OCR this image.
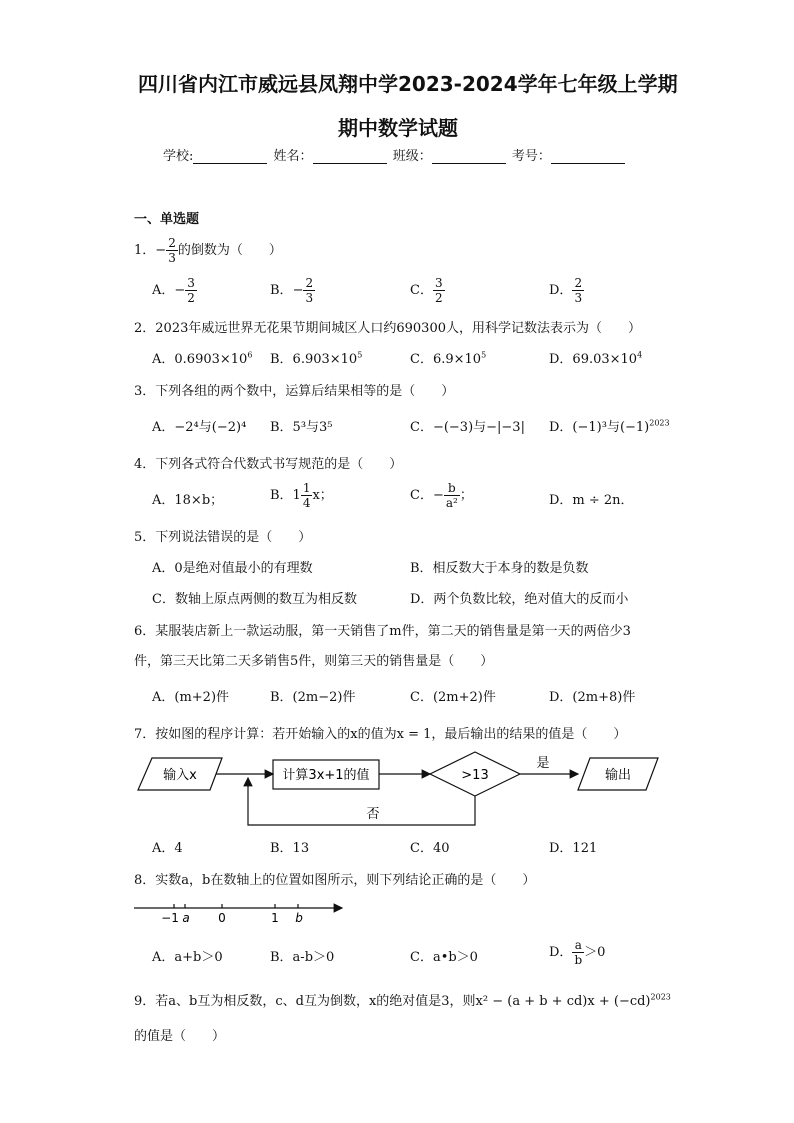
四川省内江市威远县凤翔中学2023-2024学年七年级上学期
期中数学试题
学校:	姓名：	班级：	考号：
一、单选题
1．− $\frac{2}{3}$ 的倒数为（　　）
A．− $\frac{3}{2}$	B．− $\frac{2}{3}$	C． $\frac{3}{2}$	D． $\frac{2}{3}$
2．2023年威远世界无花果节期间城区人口约690300人，用科学记数法表示为（　　）
A．$0.6903\times 10^6$ B．$6.903\times 10^5$	C．$6.9\times 10^5$	D．$69.03\times 10^4$
3．下列各组的两个数中，运算后结果相等的是（　　）
A．−2⁴与(−2)⁴ B．5³与3⁵	C．−(−3)与−|−3| D．(−1)³与$(-1)^{2023}$
4．下列各式符合代数式书写规范的是（　　）
A．18×b；	B．$1 \frac{1}{4}$ x；	C．− $\frac{b}{\text{a²}}$ ；	D．m ÷ 2n．
5．下列说法错误的是（　　）
A．0是绝对值最小的有理数	B．相反数大于本身的数是负数
C．数轴上原点两侧的数互为相反数	D．两个负数比较，绝对值大的反而小
6．某服装店新上一款运动服，第一天销售了m件，第二天的销售量是第一天的两倍少3
件，第三天比第二天多销售5件，则第三天的销售量是（　　）
A．(m+2)件	B．(2m−2)件	C．(2m+2)件	D．(2m+8)件
7．按如图的程序计算：若开始输入的x的值为x = 1，最后输出的结果的值是（　　）
输入x	计算3x+1的值	>13
是
输出
否
A．4	B．13	C．40	D．121
8．实数a，b在数轴上的位置如图所示，则下列结论正确的是（　　）
−1 a 0	1 b
A．a+b＞0	B．a-b＞0	C．a•b＞0	D． $\frac{a}{b} >0$
9．若a、b互为相反数，c、d互为倒数，x的绝对值是3，则$x^2 - (a + b + cd)x + (-cd)^{2023}$
的值是（　　）
